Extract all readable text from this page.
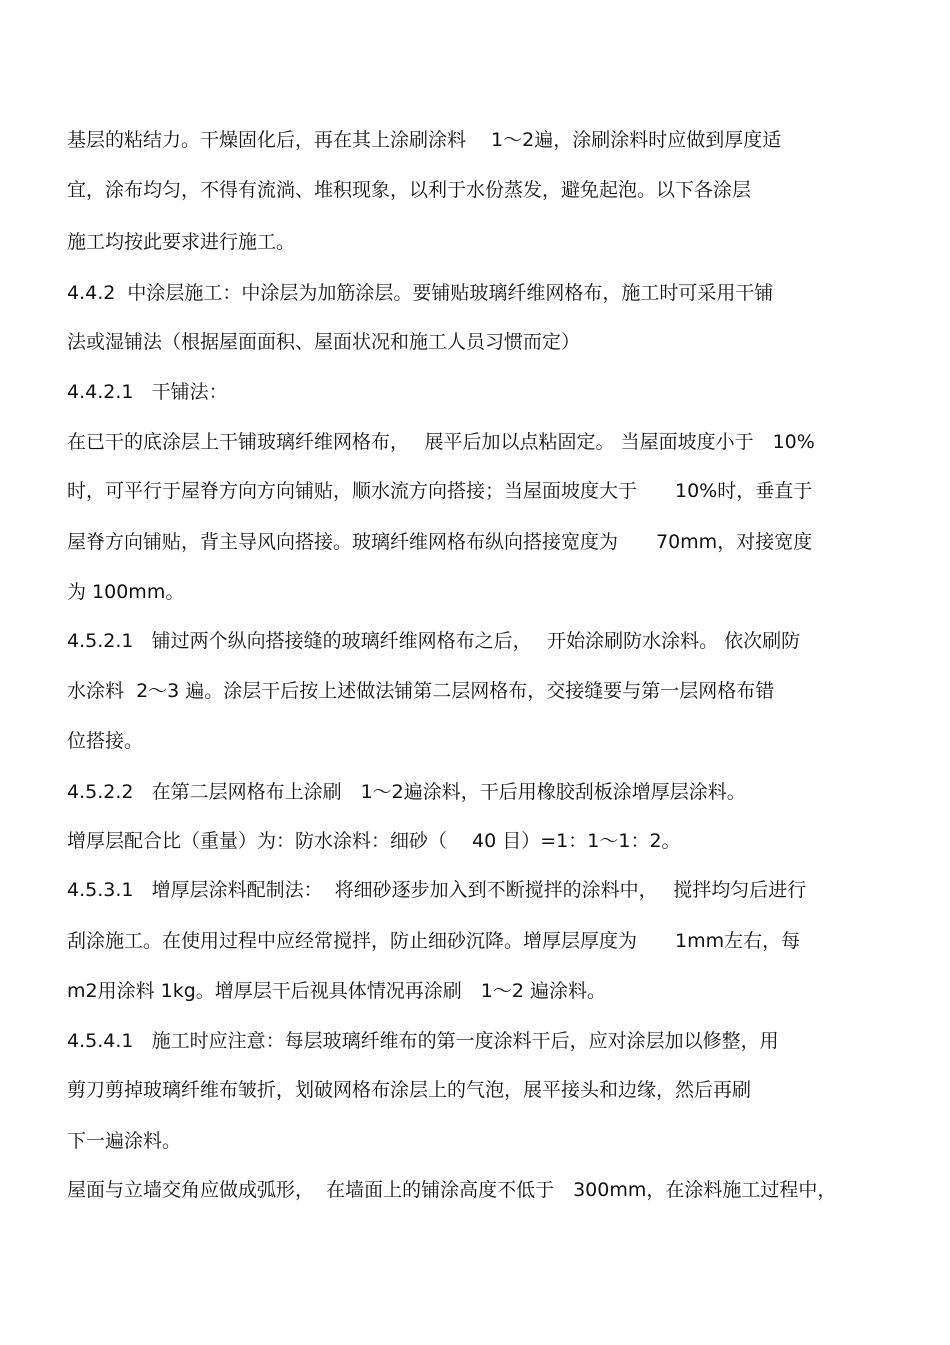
基层的粘结力。干燥固化后，再在其上涂刷涂料　 1～2遍，涂刷涂料时应做到厚度适
宜，涂布均匀，不得有流淌、堆积现象，以利于水份蒸发，避免起泡。以下各涂层
施工均按此要求进行施工。
4.4.2  中涂层施工：中涂层为加筋涂层。要铺贴玻璃纤维网格布，施工时可采用干铺
法或湿铺法（根据屋面面积、屋面状况和施工人员习惯而定）
4.4.2.1   干铺法：
在已干的底涂层上干铺玻璃纤维网格布，　 展平后加以点粘固定。 当屋面坡度小于　10%
时，可平行于屋脊方向方向铺贴，顺水流方向搭接；当屋面坡度大于　　10%时，垂直于
屋脊方向铺贴，背主导风向搭接。玻璃纤维网格布纵向搭接宽度为　　70mm，对接宽度
为 100mm。
4.5.2.1   铺过两个纵向搭接缝的玻璃纤维网格布之后，　 开始涂刷防水涂料。 依次刷防
水涂料  2～3 遍。涂层干后按上述做法铺第二层网格布，交接缝要与第一层网格布错
位搭接。
4.5.2.2   在第二层网格布上涂刷　1～2遍涂料，干后用橡胶刮板涂增厚层涂料。
增厚层配合比（重量）为：防水涂料：细砂（　 40 目）=1：1～1：2。
4.5.3.1   增厚层涂料配制法：  将细砂逐步加入到不断搅拌的涂料中，　 搅拌均匀后进行
刮涂施工。在使用过程中应经常搅拌，防止细砂沉降。增厚层厚度为　　1mm左右，每
m2用涂料 1kg。增厚层干后视具体情况再涂刷　1～2 遍涂料。
4.5.4.1   施工时应注意：每层玻璃纤维布的第一度涂料干后，应对涂层加以修整，用
剪刀剪掉玻璃纤维布皱折，划破网格布涂层上的气泡，展平接头和边缘，然后再刷
下一遍涂料。
屋面与立墙交角应做成弧形，  在墙面上的铺涂高度不低于　300mm，在涂料施工过程中，
